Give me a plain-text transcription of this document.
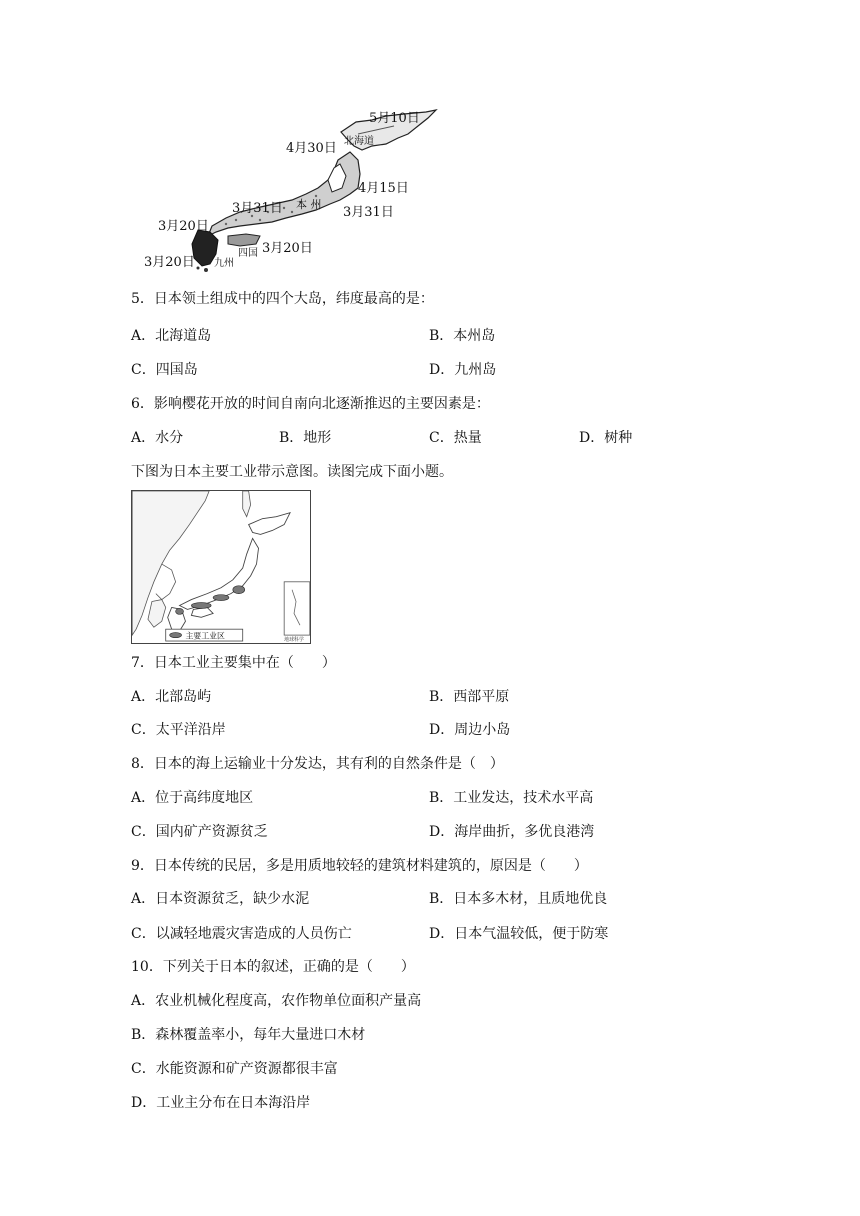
5月10日
4月30日 北海道
4月15日
3月31日 本 州
3月31日
3月20日
四国 3月20日
3月20日 九州
5．日本领土组成中的四个大岛，纬度最高的是：
A．北海道岛	B．本州岛
C．四国岛	D．九州岛
6．影响樱花开放的时间自南向北逐渐推迟的主要因素是：
A．水分	B．地形	C．热量	D．树种
下图为日本主要工业带示意图。读图完成下面小题。
主要工业区	地球科学
7．日本工业主要集中在（　　）
A．北部岛屿	B．西部平原
C．太平洋沿岸	D．周边小岛
8．日本的海上运输业十分发达，其有利的自然条件是（　）
A．位于高纬度地区	B．工业发达，技术水平高
C．国内矿产资源贫乏	D．海岸曲折，多优良港湾
9．日本传统的民居，多是用质地较轻的建筑材料建筑的，原因是（　　）
A．日本资源贫乏，缺少水泥	B．日本多木材，且质地优良
C．以减轻地震灾害造成的人员伤亡	D．日本气温较低，便于防寒
10．下列关于日本的叙述，正确的是（　　）
A．农业机械化程度高，农作物单位面积产量高
B．森林覆盖率小，每年大量进口木材
C．水能资源和矿产资源都很丰富
D．工业主分布在日本海沿岸
